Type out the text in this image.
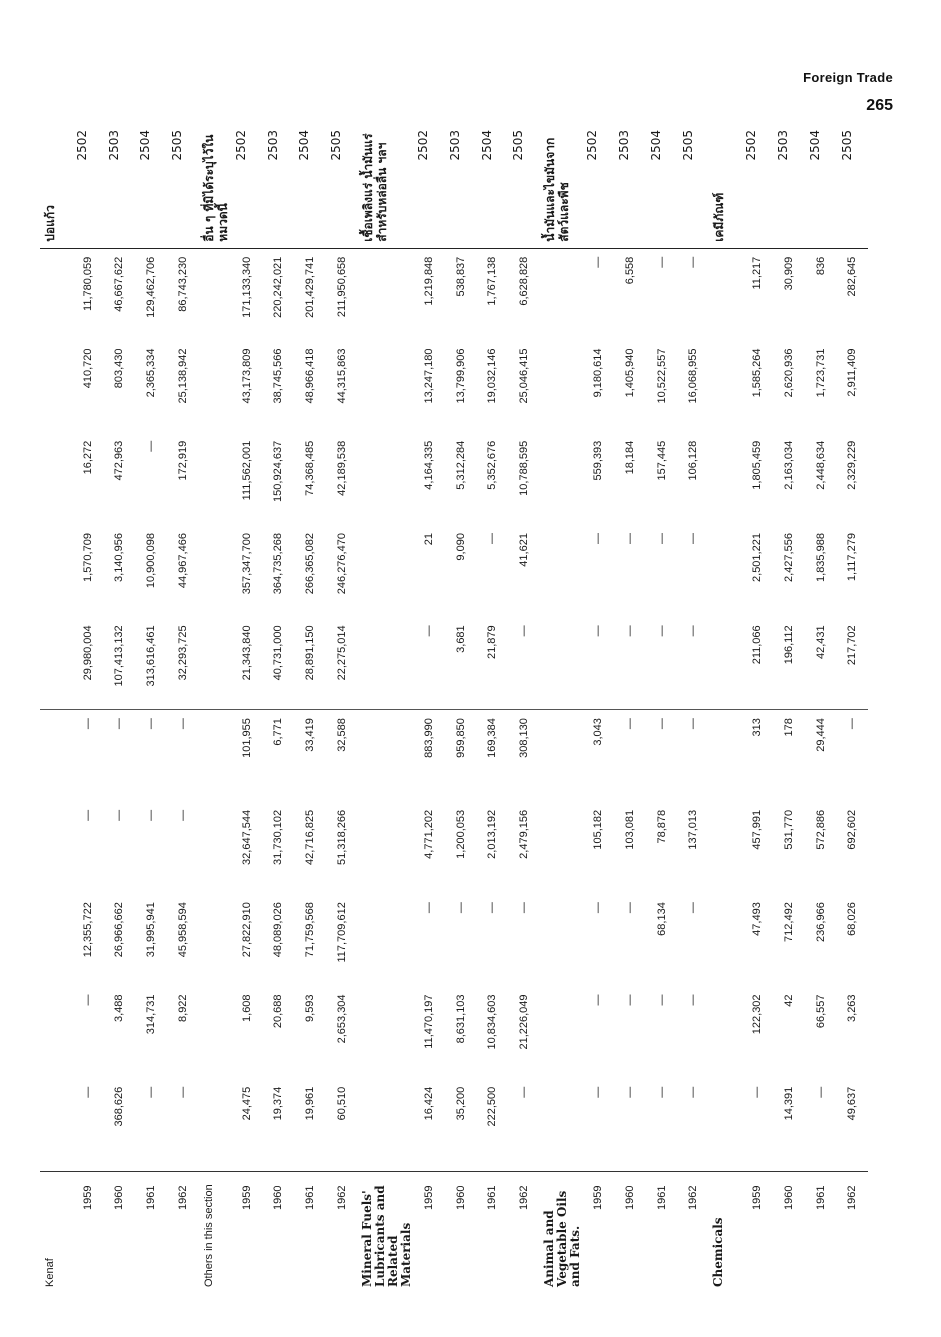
Foreign Trade
265
Kenaf											ปอแก้ว
1959	—	—	12,355,722	—	—	29,980,004	1,570,709	16,272	410,720	11,780,059	2502
1960	368,626	3,488	26,966,662	—	—	107,413,132	3,140,956	472,963	803,430	46,667,622	2503
1961	—	314,731	31,995,941	—	—	313,616,461	10,900,098	—	2,365,334	129,462,706	2504
1962	—	8,922	45,958,594	—	—	32,293,725	44,967,466	172,919	25,138,942	86,743,230	2505
Others in this section											อื่น ๆ ที่มิได้ระบุไว้ในหมวดนี้
1959	24,475	1,608	27,822,910	32,647,544	101,955	21,343,840	357,347,700	111,562,001	43,173,809	171,133,340	2502
1960	19,374	20,688	48,089,026	31,730,102	6,771	40,731,000	364,735,268	150,924,637	38,745,566	220,242,021	2503
1961	19,961	9,593	71,759,568	42,716,825	33,419	28,891,150	266,365,082	74,368,485	48,966,418	201,429,741	2504
1962	60,510	2,653,304	117,709,612	51,318,266	32,588	22,275,014	246,276,470	42,189,538	44,315,863	211,950,658	2505
Mineral Fuels' Lubricants and Related Materials											เชื้อเพลิงแร่ น้ำมันแร่สำหรับหล่อลื่น ฯลฯ
1959	16,424	11,470,197	—	4,771,202	883,990	—	21	4,164,335	13,247,180	1,219,848	2502
1960	35,200	8,631,103	—	1,200,053	959,850	3,681	9,090	5,312,284	13,799,906	538,837	2503
1961	222,500	10,834,603	—	2,013,192	169,384	21,879	—	5,352,676	19,032,146	1,767,138	2504
1962	—	21,226,049	—	2,479,156	308,130	—	41,621	10,788,595	25,046,415	6,628,828	2505
Animal and Vegetable Oils and Fats.											น้ำมันและไขมันจากสัตว์และพืช
1959	—	—	—	105,182	3,043	—	—	559,393	9,180,614	—	2502
1960	—	—	—	103,081	—	—	—	18,184	1,405,940	6,558	2503
1961	—	—	68,134	78,878	—	—	—	157,445	10,522,557	—	2504
1962	—	—	—	137,013	—	—	—	106,128	16,068,955	—	2505
Chemicals											เคมีภัณฑ์
1959	—	122,302	47,493	457,991	313	211,066	2,501,221	1,805,459	1,585,264	11,217	2502
1960	14,391	42	712,492	531,770	178	196,112	2,427,556	2,163,034	2,620,936	30,909	2503
1961	—	66,557	236,966	572,886	29,444	42,431	1,835,988	2,448,634	1,723,731	836	2504
1962	49,637	3,263	68,026	692,602	—	217,702	1,117,279	2,329,229	2,911,409	282,645	2505
